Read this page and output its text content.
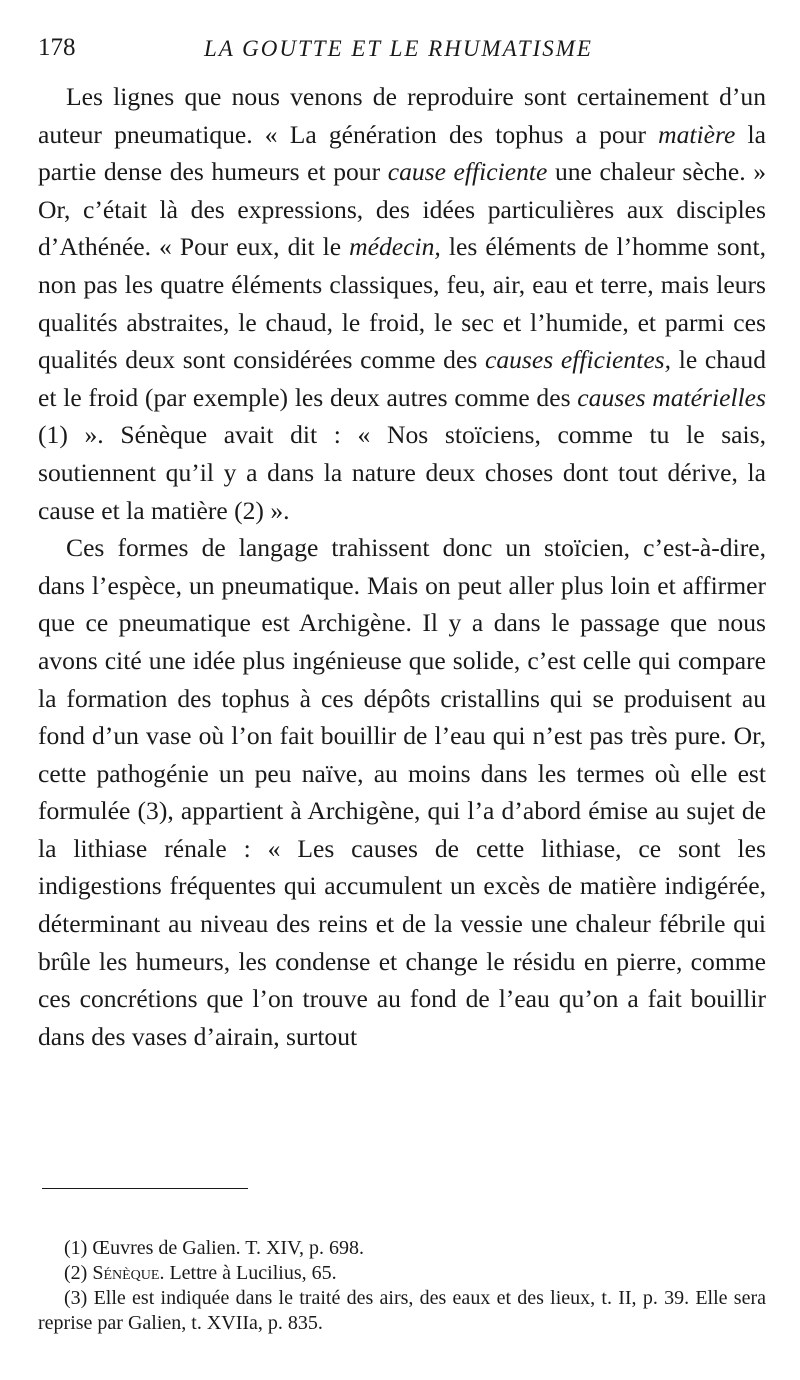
178	LA GOUTTE ET LE RHUMATISME

Les lignes que nous venons de reproduire sont certainement d’un auteur pneumatique. « La génération des tophus a pour matière la partie dense des humeurs et pour cause efficiente une chaleur sèche. » Or, c’était là des expressions, des idées particulières aux disciples d’Athénée. « Pour eux, dit le médecin, les éléments de l’homme sont, non pas les quatre éléments classiques, feu, air, eau et terre, mais leurs qualités abstraites, le chaud, le froid, le sec et l’humide, et parmi ces qualités deux sont considérées comme des causes efficientes, le chaud et le froid (par exemple) les deux autres comme des causes matérielles (1) ». Sénèque avait dit : « Nos stoïciens, comme tu le sais, soutiennent qu’il y a dans la nature deux choses dont tout dérive, la cause et la matière (2) ».

Ces formes de langage trahissent donc un stoïcien, c’est-à-dire, dans l’espèce, un pneumatique. Mais on peut aller plus loin et affirmer que ce pneumatique est Archigène. Il y a dans le passage que nous avons cité une idée plus ingénieuse que solide, c’est celle qui compare la formation des tophus à ces dépôts cristallins qui se produisent au fond d’un vase où l’on fait bouillir de l’eau qui n’est pas très pure. Or, cette pathogénie un peu naïve, au moins dans les termes où elle est formulée (3), appartient à Archigène, qui l’a d’abord émise au sujet de la lithiase rénale : « Les causes de cette lithiase, ce sont les indigestions fréquentes qui accumulent un excès de matière indigérée, déterminant au niveau des reins et de la vessie une chaleur fébrile qui brûle les humeurs, les condense et change le résidu en pierre, comme ces concrétions que l’on trouve au fond de l’eau qu’on a fait bouillir dans des vases d’airain, surtout

(1) Œuvres de Galien. T. XIV, p. 698.

(2) Sénèque. Lettre à Lucilius, 65.

(3) Elle est indiquée dans le traité des airs, des eaux et des lieux, t. II, p. 39. Elle sera reprise par Galien, t. XVIIa, p. 835.
